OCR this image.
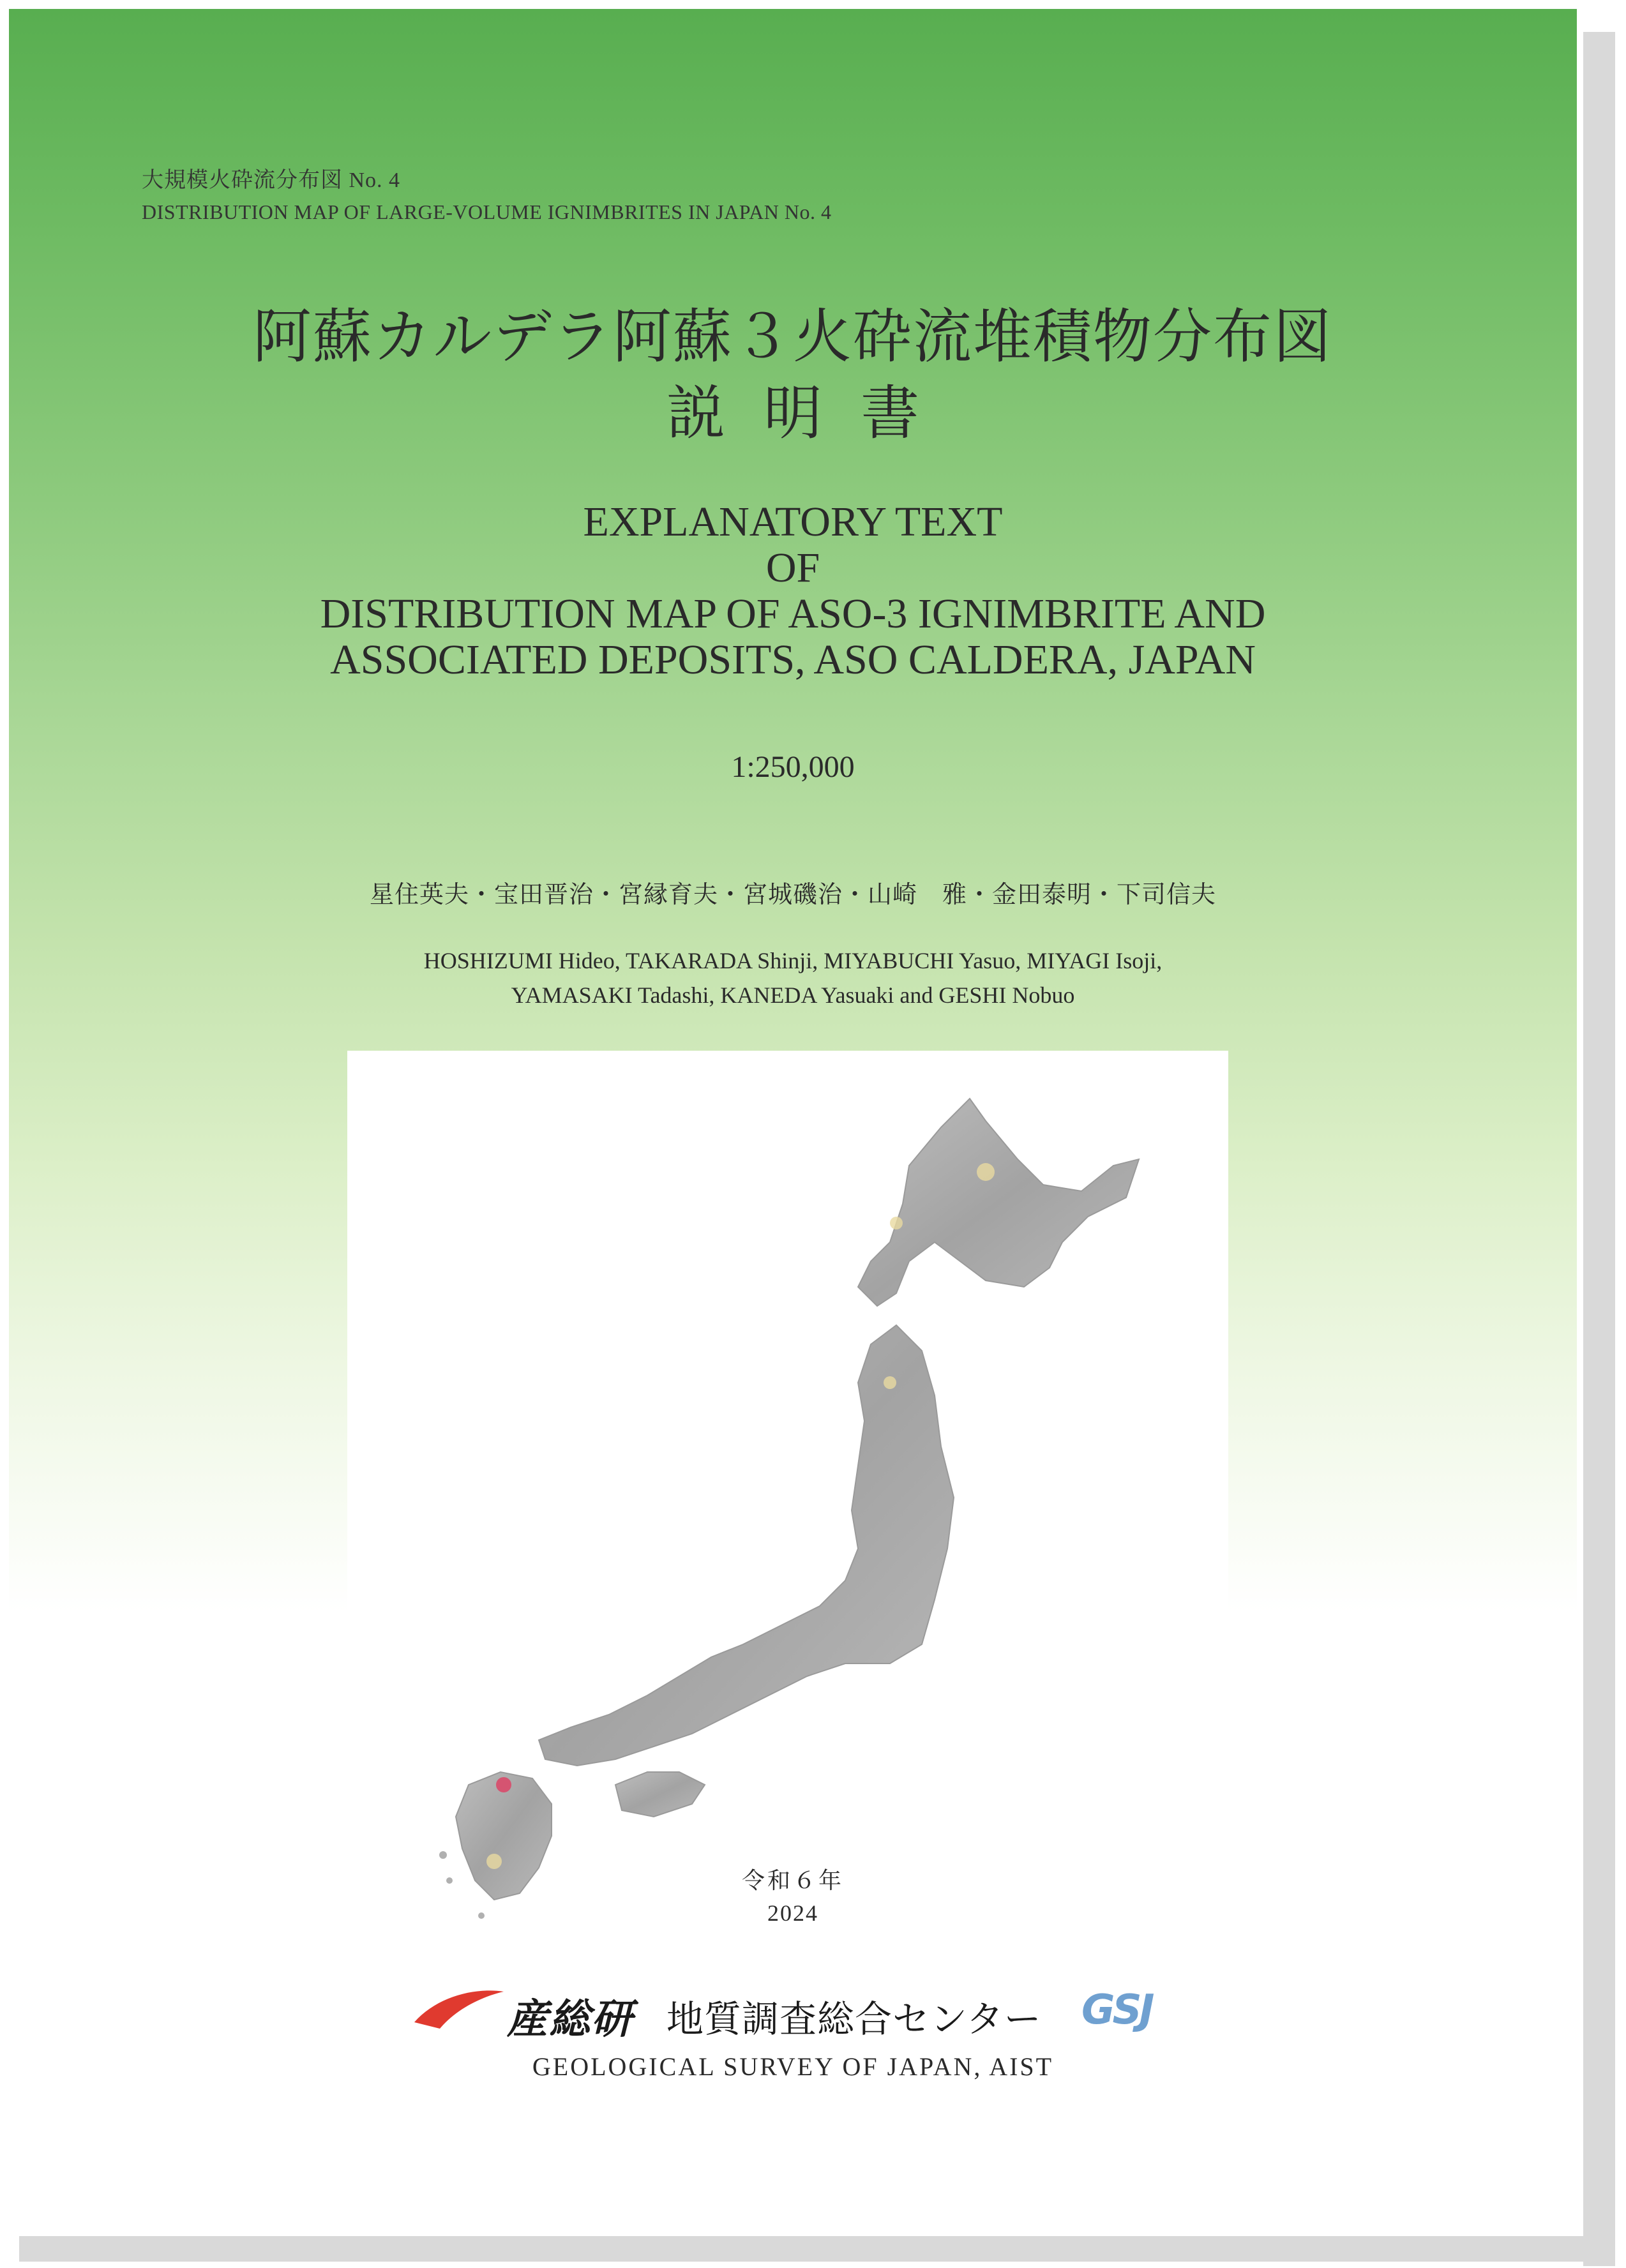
大規模火砕流分布図 No. 4
DISTRIBUTION MAP OF LARGE-VOLUME IGNIMBRITES IN JAPAN No. 4
阿蘇カルデラ阿蘇３火砕流堆積物分布図
説明書
EXPLANATORY TEXT
OF
DISTRIBUTION MAP OF ASO-3 IGNIMBRITE AND
ASSOCIATED DEPOSITS, ASO CALDERA, JAPAN
1:250,000
星住英夫・宝田晋治・宮縁育夫・宮城磯治・山崎　雅・金田泰明・下司信夫
HOSHIZUMI Hideo, TAKARADA Shinji, MIYABUCHI Yasuo, MIYAGI Isoji,
YAMASAKI Tadashi, KANEDA Yasuaki and GESHI Nobuo
令和６年
2024
産総研 地質調査総合センター GSJ
GEOLOGICAL SURVEY OF JAPAN, AIST
